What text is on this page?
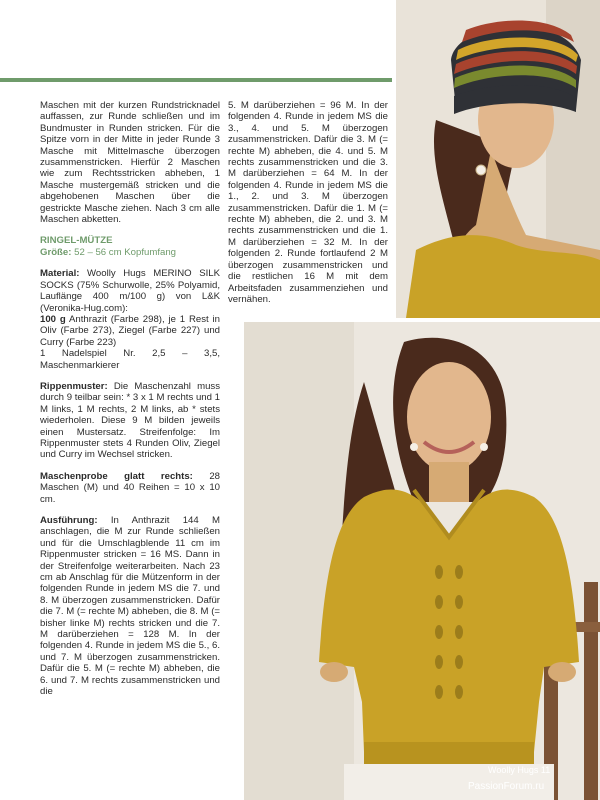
Maschen mit der kurzen Rundstricknadel auffassen, zur Runde schließen und im Bundmuster in Runden stricken. Für die Spitze vorn in der Mitte in jeder Runde 3 Masche mit Mittelmasche überzogen zusammenstricken. Hierfür 2 Maschen wie zum Rechtsstricken abheben, 1 Masche mustergemäß stricken und die abgehobenen Maschen über die gestrickte Masche ziehen. Nach 3 cm alle Maschen abketten.

RINGEL-MÜTZE

Größe: 52 – 56 cm Kopfumfang

Material: Woolly Hugs MERINO SILK SOCKS (75% Schurwolle, 25% Polyamid, Lauflänge 400 m/100 g) von L&K (Veronika-Hug.com):

100 g Anthrazit (Farbe 298), je 1 Rest in Oliv (Farbe 273), Ziegel (Farbe 227) und Curry (Farbe 223)

1 Nadelspiel Nr. 2,5 – 3,5, Maschenmarkierer

Rippenmuster: Die Maschenzahl muss durch 9 teilbar sein: * 3 x 1 M rechts und 1 M links, 1 M rechts, 2 M links, ab * stets wiederholen. Diese 9 M bilden jeweils einen Mustersatz. Streifenfolge: Im Rippenmuster stets 4 Runden Oliv, Ziegel und Curry im Wechsel stricken.

Maschenprobe glatt rechts: 28 Maschen (M) und 40 Reihen = 10 x 10 cm.

Ausführung: In Anthrazit 144 M anschlagen, die M zur Runde schließen und für die Umschlagblende 11 cm im Rippenmuster stricken = 16 MS. Dann in der Streifenfolge weiterarbeiten. Nach 23 cm ab Anschlag für die Mützenform in der folgenden Runde in jedem MS die 7. und 8. M überzogen zusammenstricken. Dafür die 7. M (= rechte M) abheben, die 8. M (= bisher linke M) rechts stricken und die 7. M darüberziehen = 128 M. In der folgenden 4. Runde in jedem MS die 5., 6. und 7. M überzogen zusammenstricken. Dafür die 5. M (= rechte M) abheben, die 6. und 7. M rechts zusammenstricken und die

5. M darüberziehen = 96 M. In der folgenden 4. Runde in jedem MS die 3., 4. und 5. M überzogen zusammenstricken. Dafür die 3. M (= rechte M) abheben, die 4. und 5. M rechts zusammenstricken und die 3. M darüberziehen = 64 M. In der folgenden 4. Runde in jedem MS die 1., 2. und 3. M überzogen zusammenstricken. Dafür die 1. M (= rechte M) abheben, die 2. und 3. M rechts zusammenstricken und die 1. M darüberziehen = 32 M. In der folgenden 2. Runde fortlaufend 2 M überzogen zusammenstricken und die restlichen 16 M mit dem Arbeitsfaden zusammenziehen und vernähen.

Woolly Hugs 11
PassionForum.ru
